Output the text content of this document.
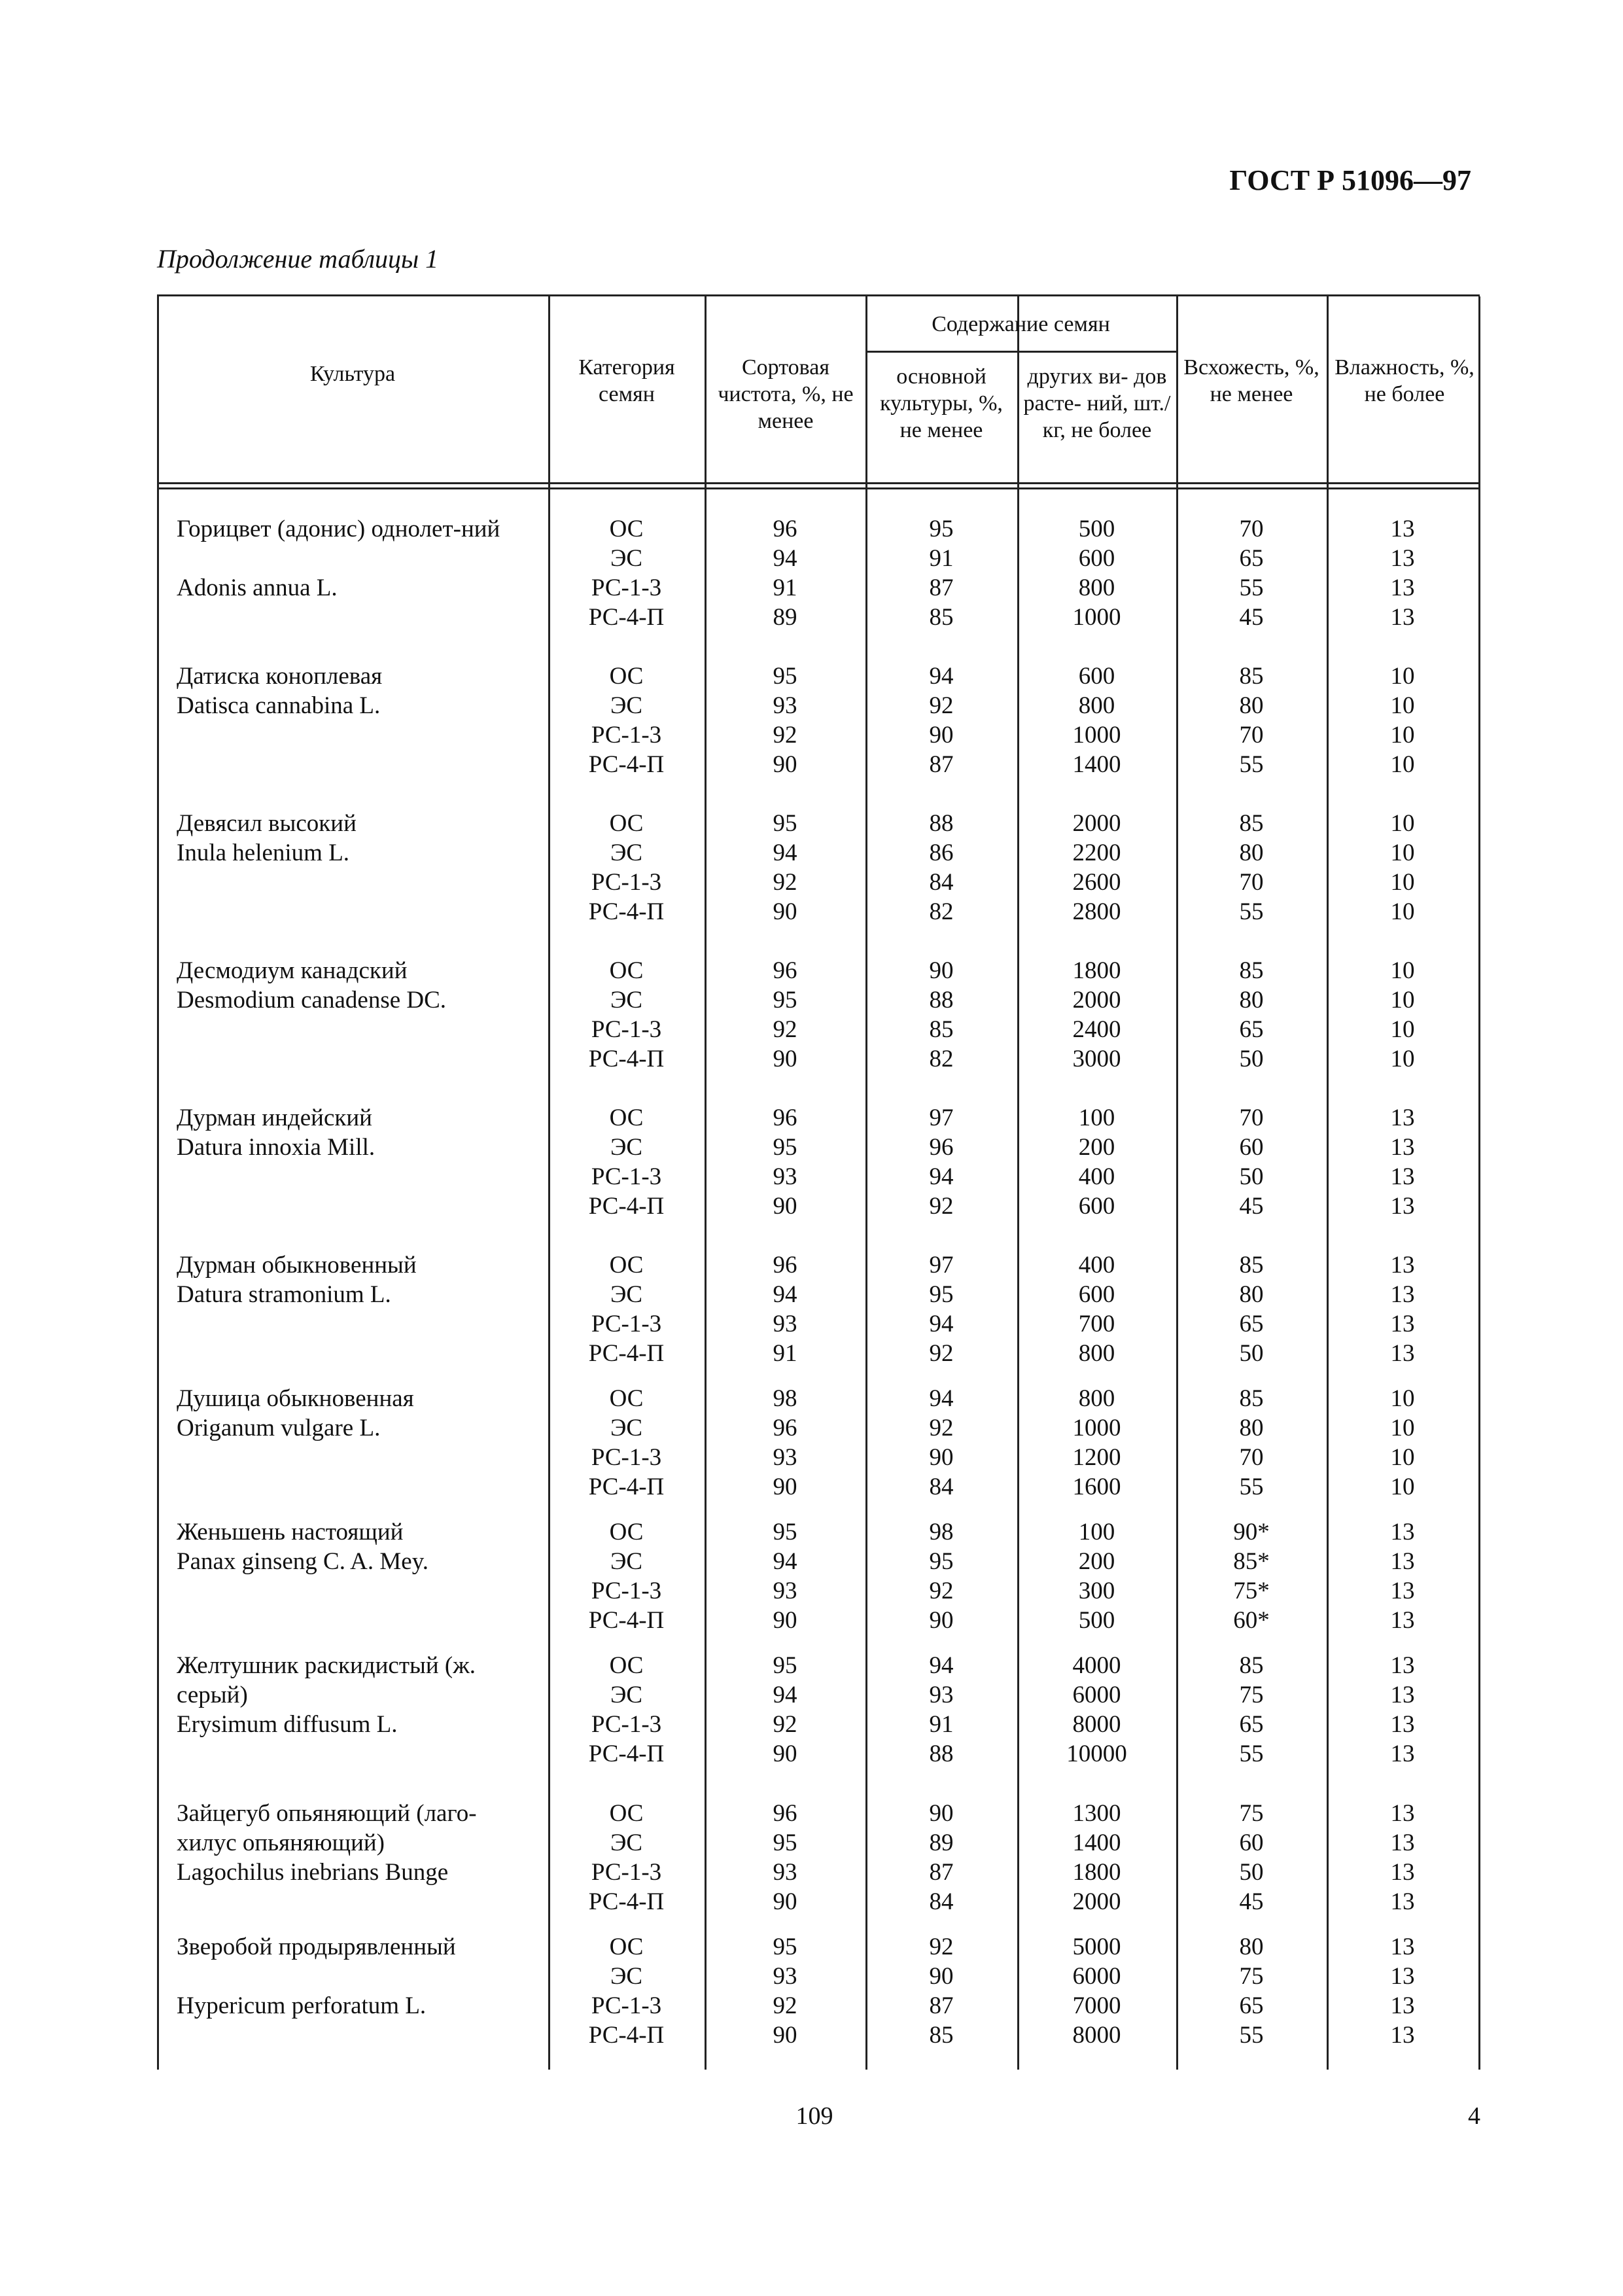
ГОСТ Р 51096—97
Продолжение таблицы 1
Культура	Категория семян
Сортовая чистота, %, не менее
Содержание семян
основной культуры, %, не менее
других ви- дов расте- ний, шт./кг, не более
Всхожесть, %, не менее
Влажность, %, не более
Горицвет (адонис) однолет-ний
Adonis annua L.
ОС
ЭС
РС-1-3
РС-4-П
96
94
91
89
95
91
87
85
500
600
800
1000
70
65
55
45
13
13
13
13
Датиска коноплевая
Datisca cannabina L.
ОС
ЭС
РС-1-3
РС-4-П
95
93
92
90
94
92
90
87
600
800
1000
1400
85
80
70
55
10
10
10
10
Девясил высокий
Inula helenium L.
ОС
ЭС
РС-1-3
РС-4-П
95
94
92
90
88
86
84
82
2000
2200
2600
2800
85
80
70
55
10
10
10
10
Десмодиум канадский
Desmodium canadense DC.
ОС
ЭС
РС-1-3
РС-4-П
96
95
92
90
90
88
85
82
1800
2000
2400
3000
85
80
65
50
10
10
10
10
Дурман индейский
Datura innoxia Mill.
ОС
ЭС
РС-1-3
РС-4-П
96
95
93
90
97
96
94
92
100
200
400
600
70
60
50
45
13
13
13
13
Дурман обыкновенный
Datura stramonium L.
ОС
ЭС
РС-1-3
РС-4-П
96
94
93
91
97
95
94
92
400
600
700
800
85
80
65
50
13
13
13
13
Душица обыкновенная
Origanum vulgare L.
ОС
ЭС
РС-1-3
РС-4-П
98
96
93
90
94
92
90
84
800
1000
1200
1600
85
80
70
55
10
10
10
10
Женьшень настоящий
Panax ginseng C. A. Mey.
ОС
ЭС
РС-1-3
РС-4-П
95
94
93
90
98
95
92
90
100
200
300
500
90*
85*
75*
60*
13
13
13
13
Желтушник раскидистый (ж. серый)
Erysimum diffusum L.
ОС
ЭС
РС-1-3
РС-4-П
95
94
92
90
94
93
91
88
4000
6000
8000
10000
85
75
65
55
13
13
13
13
Зайцегуб опьяняющий (лаго-хилус опьяняющий)
Lagochilus inebrians Bunge
ОС
ЭС
РС-1-3
РС-4-П
96
95
93
90
90
89
87
84
1300
1400
1800
2000
75
60
50
45
13
13
13
13
Зверобой продырявленный
Hypericum perforatum L.
ОС
ЭС
РС-1-3
РС-4-П
95
93
92
90
92
90
87
85
5000
6000
7000
8000
80
75
65
55
13
13
13
13
109	4
